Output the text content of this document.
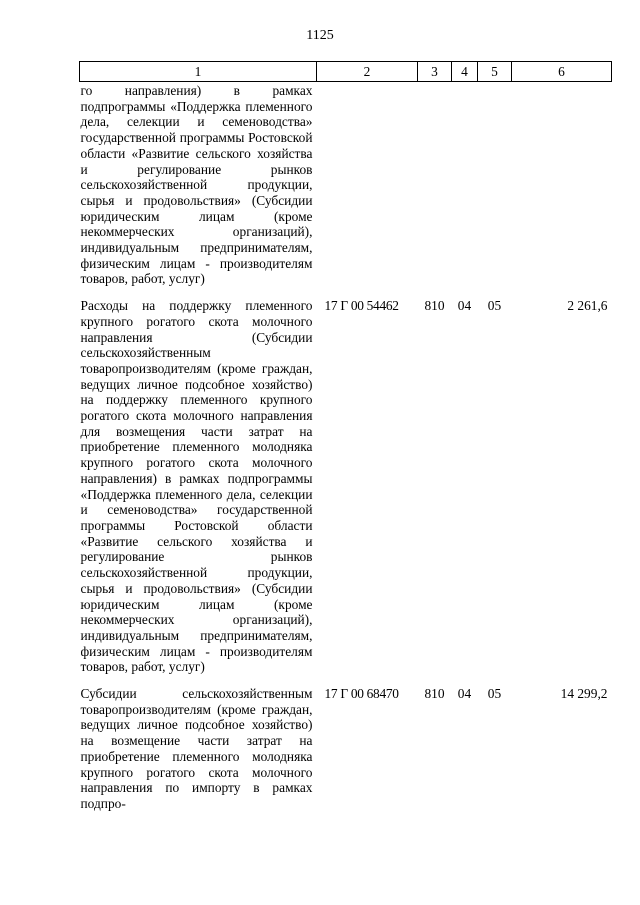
1125
1	2	3	4	5	6
го направления) в рамках подпрограммы «Поддержка племенного дела, селекции и семеноводства» государственной программы Ростовской области «Развитие сельского хозяйства и регулирование рынков сельскохозяйственной продукции, сырья и продовольствия» (Субсидии юридическим лицам (кроме некоммерческих организаций), индивидуальным предпринимателям, физическим лицам - производителям товаров, работ, услуг)					
Расходы на поддержку племенного крупного рогатого скота молочного направления (Субсидии сельскохозяйственным товаропроизводителям (кроме граждан, ведущих личное подсобное хозяйство) на поддержку племенного крупного рогатого скота молочного направления для возмещения части затрат на приобретение племенного молодняка крупного рогатого скота молочного направления) в рамках подпрограммы «Поддержка племенного дела, селекции и семеноводства» государственной программы Ростовской области «Развитие сельского хозяйства и регулирование рынков сельскохозяйственной продукции, сырья и продовольствия» (Субсидии юридическим лицам (кроме некоммерческих организаций), индивидуальным предпринимателям, физическим лицам - производителям товаров, работ, услуг)	17 Г 00 54462	810	04	05	2 261,6
Субсидии сельскохозяйственным товаропроизводителям (кроме граждан, ведущих личное подсобное хозяйство) на возмещение части затрат на приобретение племенного молодняка крупного рогатого скота молочного направления по импорту в рамках подпро-	17 Г 00 68470	810	04	05	14 299,2
